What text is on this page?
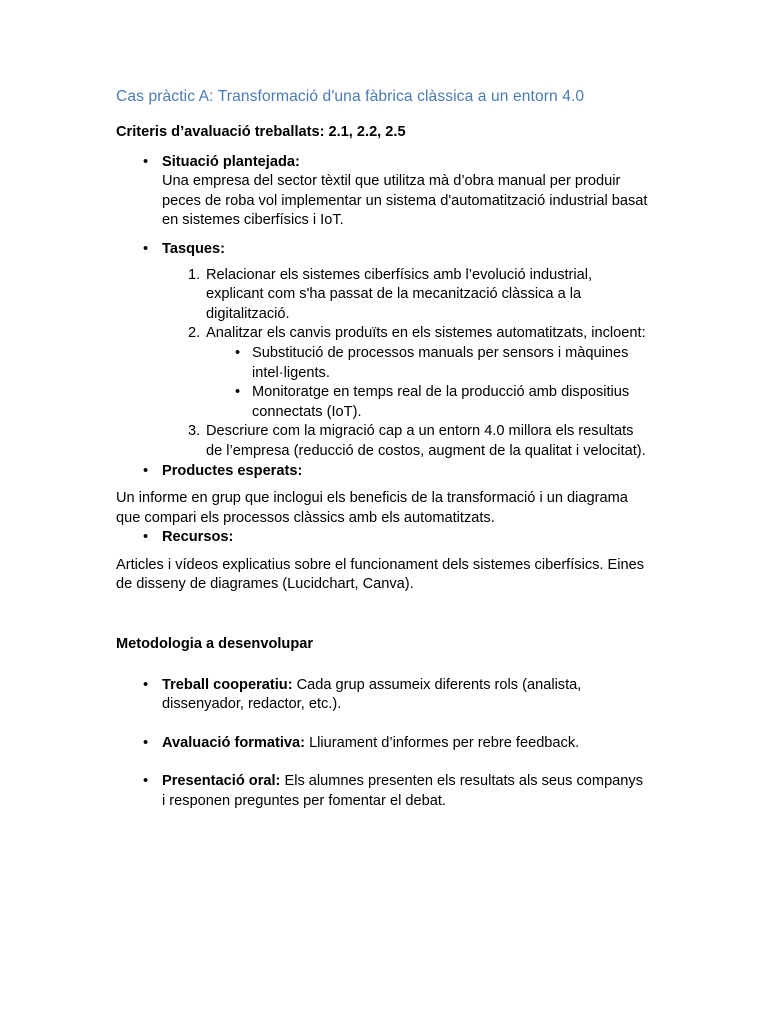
Cas pràctic A: Transformació d'una fàbrica clàssica a un entorn 4.0
Criteris d’avaluació treballats: 2.1, 2.2, 2.5
• Situació plantejada:
Una empresa del sector tèxtil que utilitza mà d’obra manual per produir peces de roba vol implementar un sistema d'automatització industrial basat en sistemes ciberfísics i IoT.
• Tasques:
1. Relacionar els sistemes ciberfísics amb l’evolució industrial, explicant com s'ha passat de la mecanització clàssica a la digitalització.
2. Analitzar els canvis produïts en els sistemes automatitzats, incloent:
• Substitució de processos manuals per sensors i màquines intel·ligents.
• Monitoratge en temps real de la producció amb dispositius connectats (IoT).
3. Descriure com la migració cap a un entorn 4.0 millora els resultats de l’empresa (reducció de costos, augment de la qualitat i velocitat).
• Productes esperats:

Un informe en grup que inclogui els beneficis de la transformació i un diagrama que compari els processos clàssics amb els automatitzats.

• Recursos:

Articles i vídeos explicatius sobre el funcionament dels sistemes ciberfísics. Eines de disseny de diagrames (Lucidchart, Canva).

Metodologia a desenvolupar
• Treball cooperatiu: Cada grup assumeix diferents rols (analista, dissenyador, redactor, etc.).
• Avaluació formativa: Lliurament d’informes per rebre feedback.
• Presentació oral: Els alumnes presenten els resultats als seus companys i responen preguntes per fomentar el debat.
